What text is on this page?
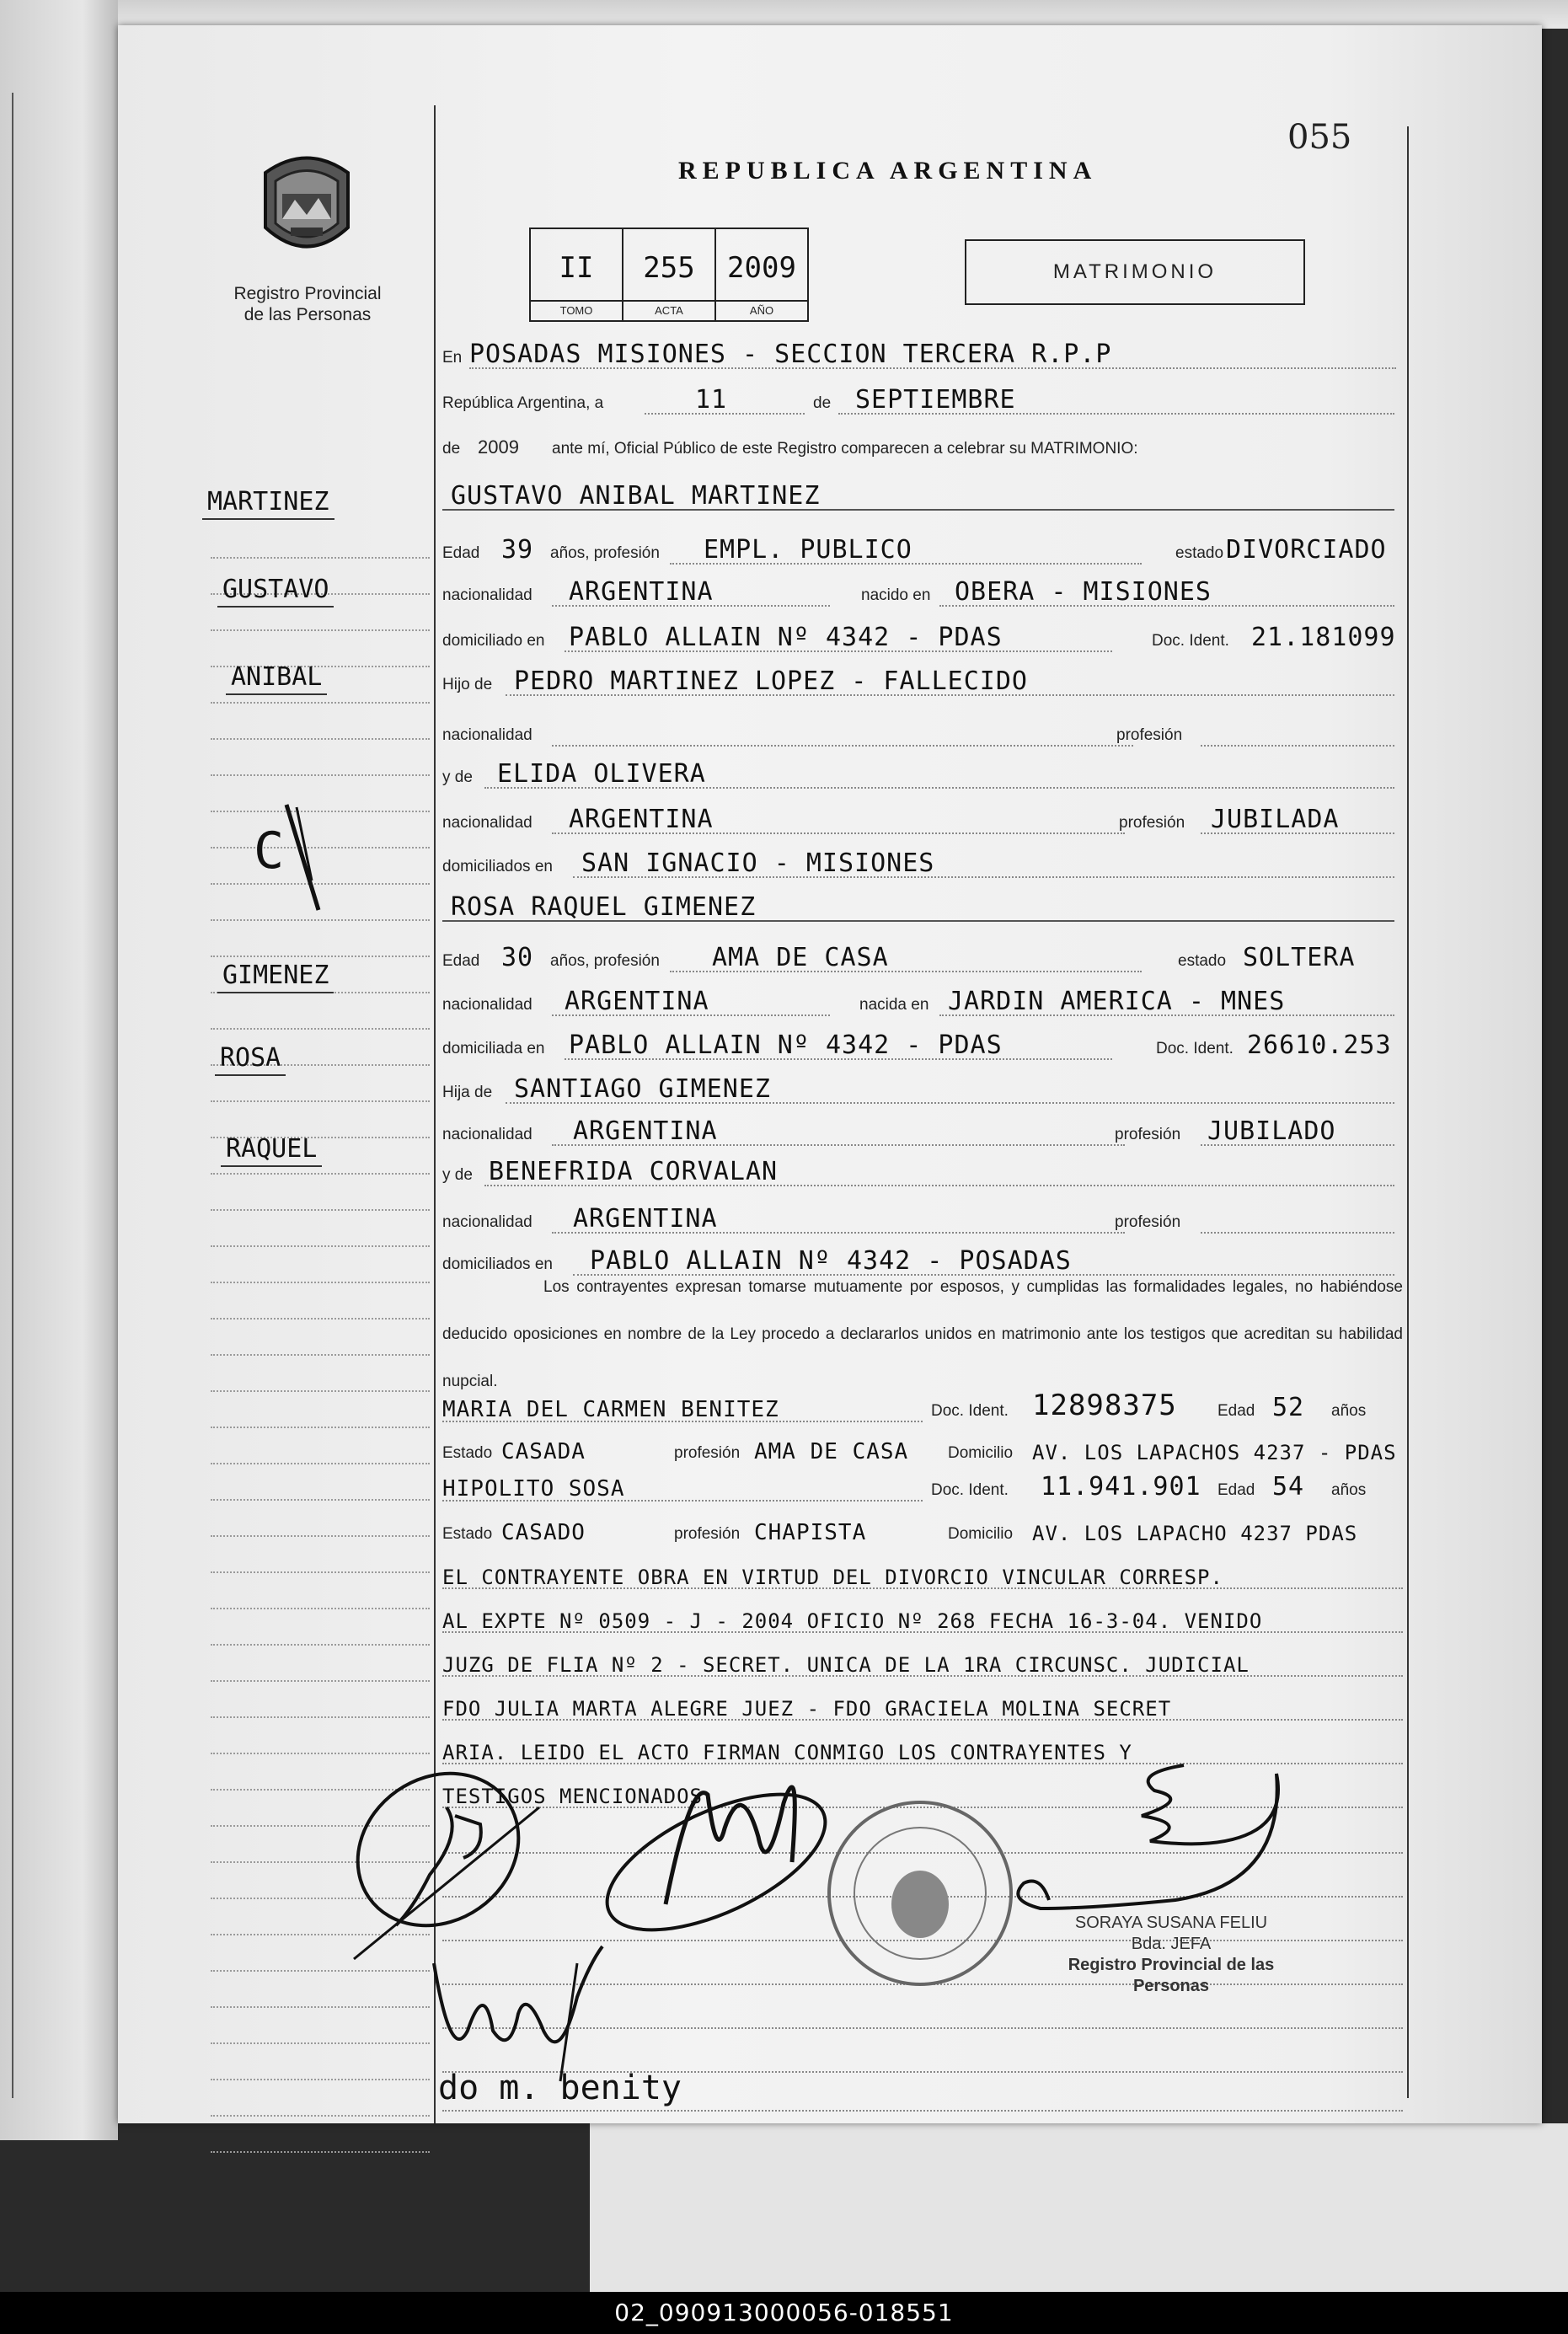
02_090913000056-018551
Registro Provincial
de las Personas
055
REPUBLICA ARGENTINA
II
TOMO
255
ACTA
2009
AÑO
MATRIMONIO
En POSADAS MISIONES - SECCION TERCERA R.P.P
República Argentina, a	11	de SEPTIEMBRE
de 2009 ante mí, Oficial Público de este Registro comparecen a celebrar su MATRIMONIO:
GUSTAVO ANIBAL MARTINEZ
Edad 39 años, profesión EMPL. PUBLICO	estado DIVORCIADO
nacionalidad ARGENTINA	nacido en OBERA - MISIONES
domiciliado en PABLO ALLAIN Nº 4342 - PDAS	Doc. Ident. 21.181099
Hijo de PEDRO MARTINEZ LOPEZ - FALLECIDO
nacionalidad	profesión
y de ELIDA OLIVERA
nacionalidad ARGENTINA	profesión JUBILADA
domiciliados en SAN IGNACIO - MISIONES
ROSA RAQUEL GIMENEZ
Edad 30 años, profesión AMA DE CASA	estado SOLTERA
nacionalidad ARGENTINA	nacida en JARDIN AMERICA - MNES
domiciliada en PABLO ALLAIN Nº 4342 - PDAS	Doc. Ident. 26610.253
Hija de SANTIAGO GIMENEZ
nacionalidad ARGENTINA	profesión JUBILADO
y de BENEFRIDA CORVALAN
nacionalidad ARGENTINA	profesión
domiciliados en PABLO ALLAIN Nº 4342 - POSADAS
Los contrayentes expresan tomarse mutuamente por esposos, y cumplidas las formalidades legales, no habiéndose deducido oposiciones en nombre de la Ley procedo a declararlos unidos en matrimonio ante los testigos que acreditan su habilidad nupcial.
MARIA DEL CARMEN BENITEZ	Doc. Ident. 12898375	Edad 52 años
Estado CASADA	profesión AMA DE CASA Domicilio AV. LOS LAPACHOS 4237 - PDAS
HIPOLITO SOSA	Doc. Ident. 11.941.901 Edad 54 años
Estado CASADO	profesión CHAPISTA	Domicilio AV. LOS LAPACHO 4237 PDAS
EL CONTRAYENTE OBRA EN VIRTUD DEL DIVORCIO VINCULAR CORRESP.
AL EXPTE Nº 0509 - J - 2004 OFICIO Nº 268 FECHA 16-3-04. VENIDO
JUZG DE FLIA Nº 2 - SECRET. UNICA DE LA 1RA CIRCUNSC. JUDICIAL
FDO JULIA MARTA ALEGRE JUEZ - FDO GRACIELA MOLINA SECRET
ARIA. LEIDO EL ACTO FIRMAN CONMIGO LOS CONTRAYENTES Y
TESTIGOS MENCIONADOS
MARTINEZ
GUSTAVO
ANIBAL
C
GIMENEZ
ROSA
RAQUEL
SORAYA SUSANA FELIU
Bda. JEFA
Registro Provincial de las Personas
do m. benity
